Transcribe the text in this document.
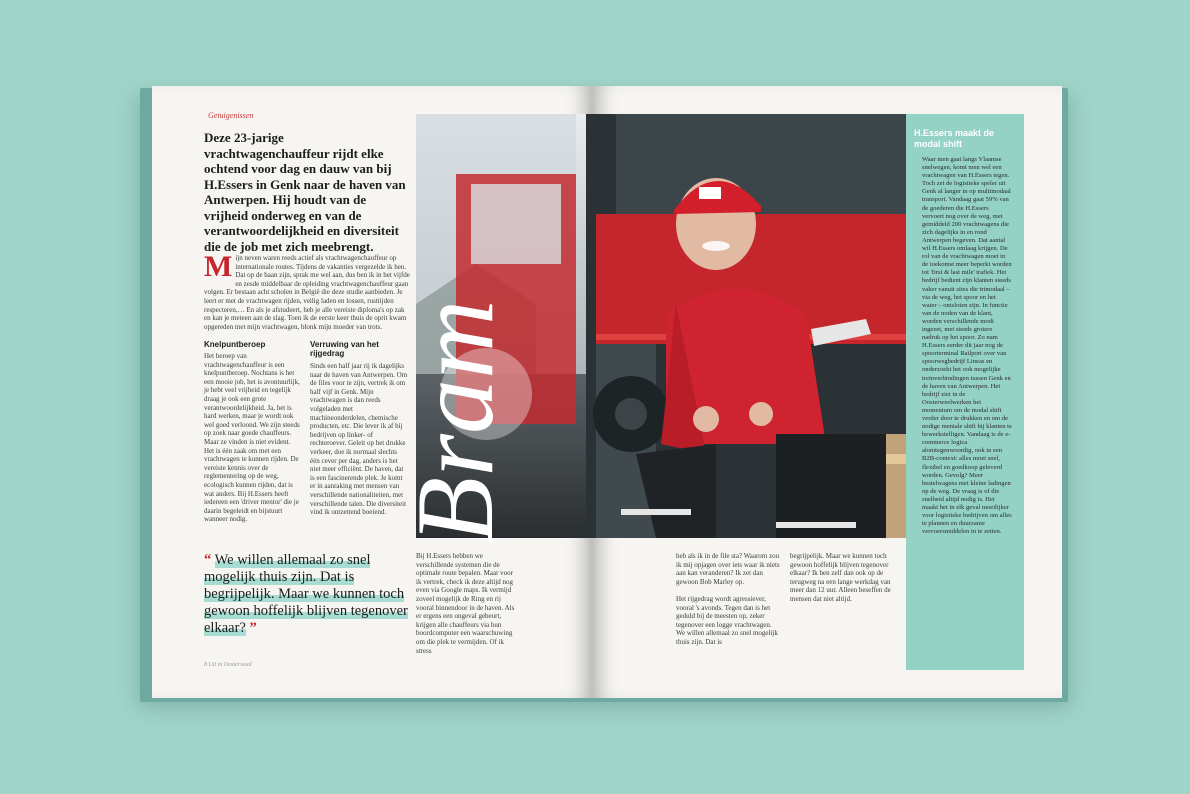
Getuigenissen
Deze 23-jarige vrachtwagenchauffeur rijdt elke ochtend voor dag en dauw van bij H.Essers in Genk naar de haven van Antwerpen. Hij houdt van de vrijheid onderweg en van de verantwoordelijkheid en diversiteit die de job met zich meebrengt.
Mijn neven waren reeds actief als vrachtwagenchauffeur op internationale routes. Tijdens de vakanties vergezelde ik hen. Dat op de baan zijn, sprak me wel aan, dus ben ik in het vijfde en zesde middelbaar de opleiding vrachtwagenchauffeur gaan volgen. Er bestaan acht scholen in België die deze studie aanbieden. Je leert er met de vrachtwagen rijden, veilig laden en lossen, rusttijden respecteren,… En als je afstudeert, heb je alle vereiste diploma's op zak en kan je meteen aan de slag. Toen ik de eerste keer thuis de oprit kwam opgereden met mijn vrachtwagen, blonk mijn moeder van trots.
Knelpuntberoep
Het beroep van vrachtwagenchauffeur is een knelpuntberoep. Nochtans is het een mooie job, het is avontuurlijk, je hebt veel vrijheid en tegelijk draag je ook een grote verantwoordelijkheid. Ja, het is hard werken, maar je wordt ook wel goed verloond. We zijn steeds op zoek naar goede chauffeurs. Maar ze vinden is niet evident. Het is één zaak om met een vrachtwagen te kunnen rijden. De vereiste kennis over de reglementering op de weg, ecologisch kunnen rijden, dat is wat anders. Bij H.Essers heeft iedereen een 'driver mentor' die je daarin begeleidt en bijstuurt wanneer nodig.
Verruwing van het rijgedrag
Sinds een half jaar rij ik dagelijks naar de haven van Antwerpen. Om de files voor te zijn, vertrek ik om half vijf in Genk. Mijn vrachtwagen is dan reeds volgeladen met machineonderdelen, chemische producten, etc. Die lever ik af bij bedrijven op linker- of rechteroever. Geleit op het drukke verkeer, doe ik normaal slechts één cever per dag, anders is het niet meer efficiënt. De haven, dat is een fascinerende plek. Je komt er in aanraking met mensen van verschillende nationaliteiten, met verschillende talen. Die diversiteit vind ik ontzettend boeiend.
“ We willen allemaal zo snel mogelijk thuis zijn. Dat is begrijpelijk. Maar we kunnen toch gewoon hoffelijk blijven tegenover elkaar? ”
Bij H.Essers hebben we verschillende systemen die de optimale route bepalen. Maar voor ik vertrek, check ik deze altijd nog even via Google maps. Ik vermijd zoveel mogelijk de Ring en rij vooral binnendoor in de haven. Als er ergens een ongeval gebeurt, krijgen alle chauffeurs via hun boordcomputer een waarschuwing om die plek te vermijden. Of ik stress
8 Uit in Oosterwaal
Bram
heb als ik in de file sta? Waarom zou ik mij opjagen over iets waar ik niets aan kan veranderen? Ik zet dan gewoon Bob Marley op.

Het rijgedrag wordt agressiever, vooral 's avonds. Tegen dan is het geduld bij de meesten op, zeker tegenover een logge vrachtwagen. We willen allemaal zo snel mogelijk thuis zijn. Dat is
begrijpelijk. Maar we kunnen toch gewoon hoffelijk blijven tegenover elkaar? Ik ben zelf dan ook op de terugweg na een lange werkdag van meer dan 12 uur. Alleen beseffen de mensen dat niet altijd.
H.Essers maakt de modal shift
Waar men gaat langs Vlaamse snelwegen, komt men wel een vrachtwagen van H.Essers tegen. Toch zet de logistieke speler uit Genk al langer in op multimodaal transport. Vandaag gaat 59% van de goederen die H.Essers vervoert nog over de weg, met gemiddeld 200 vrachtwagens die zich dagelijks in en rond Antwerpen begeven. Dat aantal wil H.Essers omlaag krijgen. De rol van de vrachtwagen moet in de toekomst meer beperkt worden tot 'first & last mile' trafiek. Het bedrijf bedient zijn klanten steeds vaker vanuit sites die trimodaal – via de weg, het spoor en het water – ontsloten zijn. In functie van de noden van de klant, worden verschillende modi ingezet, met steeds grotere nadruk op het spoor. Zo nam H.Essers eerder dit jaar nog de spoorterminal Railport over van spoorwegbedrijf Lineas en onderzoekt het ook mogelijke treinverbindingen tussen Genk en de haven van Antwerpen. Het bedrijf ziet in de Oosterweelwerken het momentum om de modal shift verder door te drukken en om de nodige mentale shift bij klanten te bewerkstelligen. Vandaag is de e-commerce logica alomtegenwoordig, ook in een B2B-context: alles moet snel, flexibel en goedkoop geleverd worden. Gevolg? Meer bestelwagens met kleine ladingen op de weg. De vraag is of die snelheid altijd nodig is. Het maakt het in elk geval moeilijker voor logistieke bedrijven om alles te plannen en duurzame vervoersmiddelen in te zetten.
